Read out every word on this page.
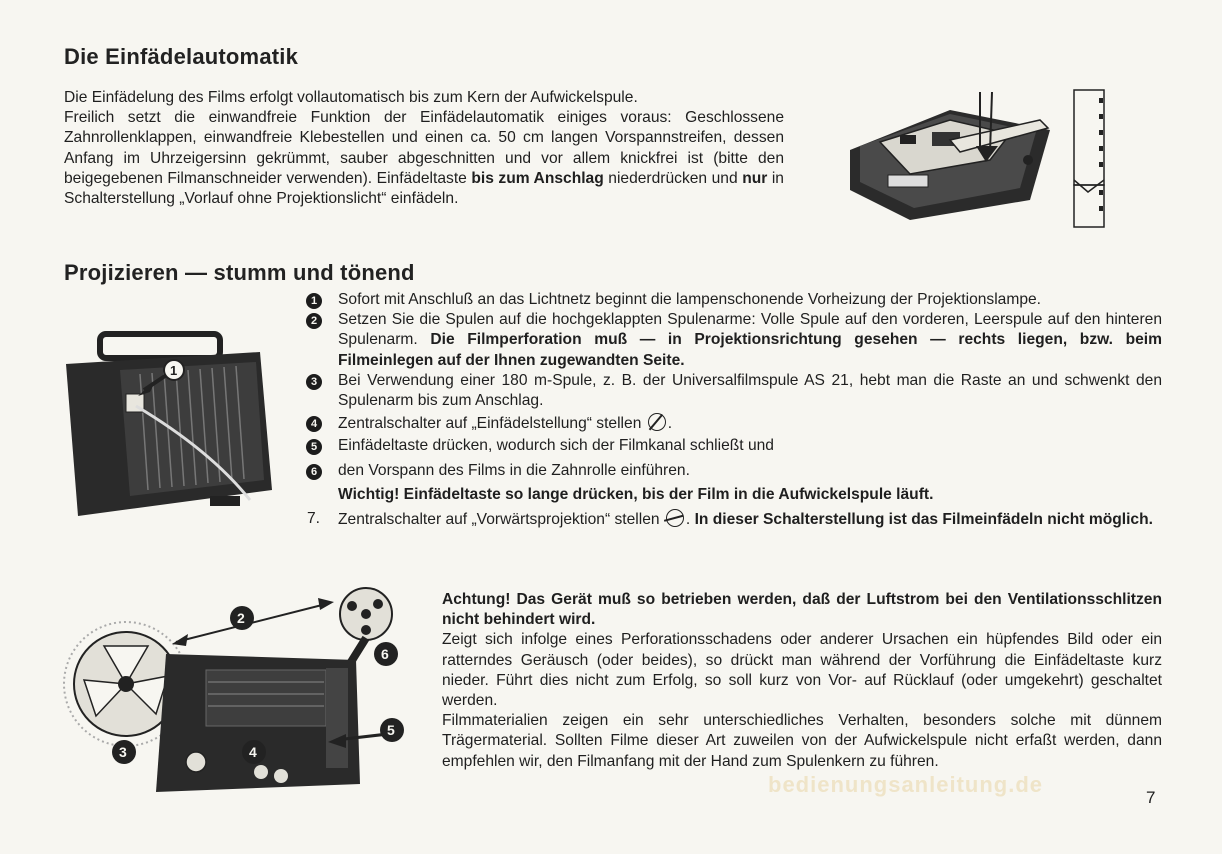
Die Einfädelautomatik
Die Einfädelung des Films erfolgt vollautomatisch bis zum Kern der Aufwickelspule.
Freilich setzt die einwandfreie Funktion der Einfädelautomatik einiges voraus: Geschlossene Zahnrollenklappen, einwandfreie Klebestellen und einen ca. 50 cm langen Vorspannstreifen, dessen Anfang im Uhrzeigersinn gekrümmt, sauber abgeschnitten und vor allem knickfrei ist (bitte den beigegebenen Filmanschneider verwenden). Einfädeltaste bis zum Anschlag niederdrücken und nur in Schalterstellung „Vorlauf ohne Projektionslicht“ einfädeln.
Projizieren — stumm und tönend
1	Sofort mit Anschluß an das Lichtnetz beginnt die lampenschonende Vorheizung der Projektionslampe.
2	Setzen Sie die Spulen auf die hochgeklappten Spulenarme: Volle Spule auf den vorderen, Leerspule auf den hinteren Spulenarm. Die Filmperforation muß — in Projektionsrichtung gesehen — rechts liegen, bzw. beim Filmeinlegen auf der Ihnen zugewandten Seite.
3	Bei Verwendung einer 180 m-Spule, z. B. der Universalfilmspule AS 21, hebt man die Raste an und schwenkt den Spulenarm bis zum Anschlag.
4	Zentralschalter auf „Einfädelstellung“ stellen .
5	Einfädeltaste drücken, wodurch sich der Filmkanal schließt und
6	den Vorspann des Films in die Zahnrolle einführen.
Wichtig! Einfädeltaste so lange drücken, bis der Film in die Aufwickelspule läuft.
7. Zentralschalter auf „Vorwärtsprojektion“ stellen . In dieser Schalterstellung ist das Filmeinfädeln nicht möglich.
Achtung! Das Gerät muß so betrieben werden, daß der Luftstrom bei den Ventilationsschlitzen nicht behindert wird.
Zeigt sich infolge eines Perforationsschadens oder anderer Ursachen ein hüpfendes Bild oder ein ratterndes Geräusch (oder beides), so drückt man während der Vorführung die Einfädeltaste kurz nieder. Führt dies nicht zum Erfolg, so soll kurz von Vor- auf Rücklauf (oder umgekehrt) geschaltet werden.
Filmmaterialien zeigen ein sehr unterschiedliches Verhalten, besonders solche mit dünnem Trägermaterial. Sollten Filme dieser Art zuweilen von der Aufwickelspule nicht erfaßt werden, dann empfehlen wir, den Filmanfang mit der Hand zum Spulenkern zu führen.
7
bedienungsanleitung.de
1
2
3	4
5
6
